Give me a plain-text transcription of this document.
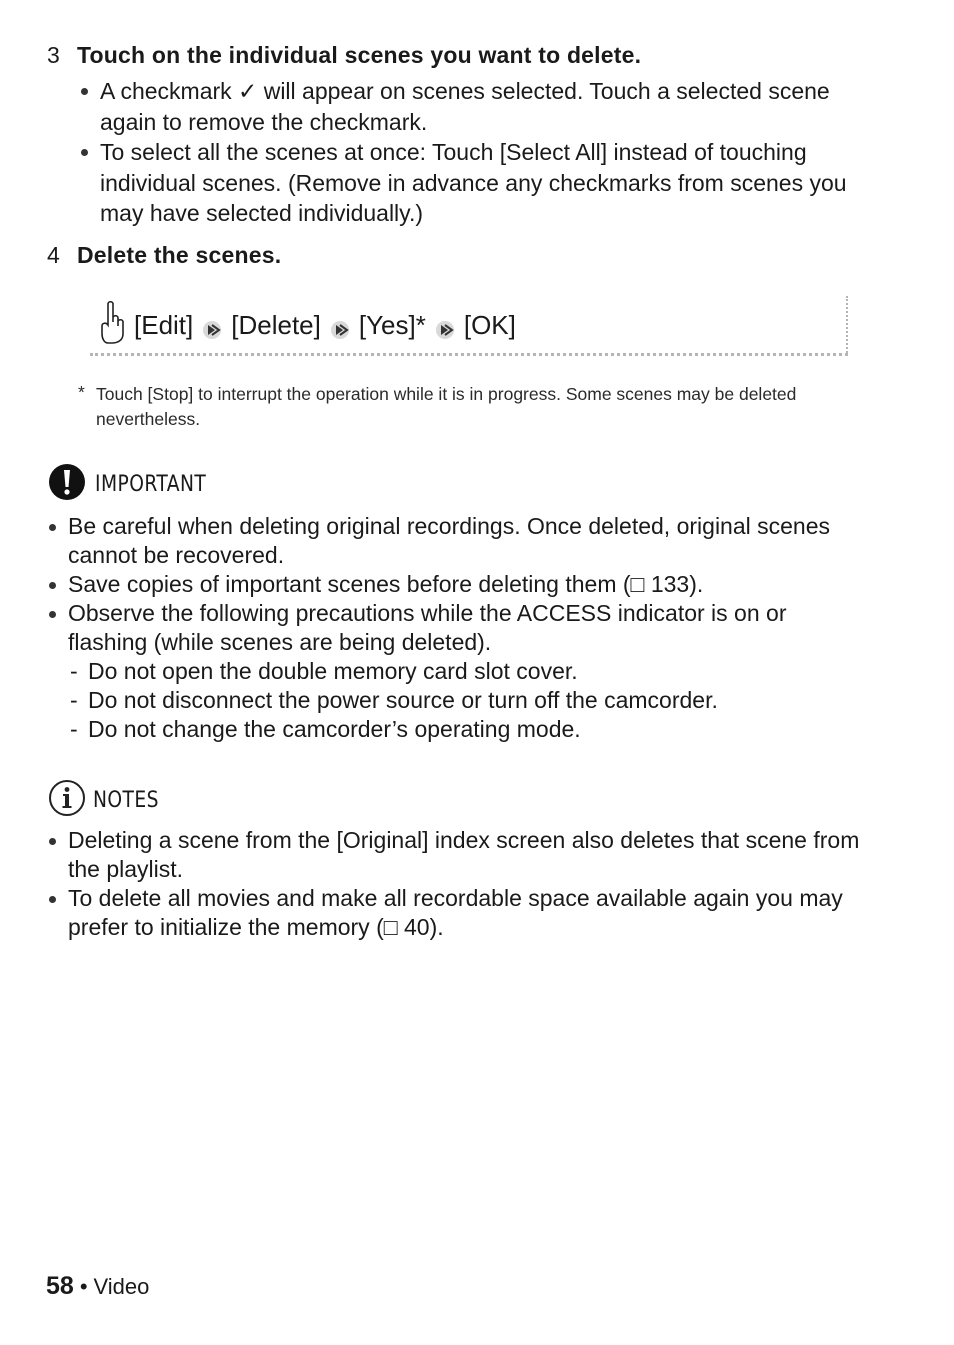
3 Touch on the individual scenes you want to delete.
A checkmark ✓ will appear on scenes selected. Touch a selected scene again to remove the checkmark.
To select all the scenes at once: Touch [Select All] instead of touching individual scenes. (Remove in advance any checkmarks from scenes you may have selected individually.)
4 Delete the scenes.
[Edit] [Delete] [Yes]* [OK]
* Touch [Stop] to interrupt the operation while it is in progress. Some scenes may be deleted nevertheless.
IMPORTANT
Be careful when deleting original recordings. Once deleted, original scenes cannot be recovered.
Save copies of important scenes before deleting them (□ 133).
Observe the following precautions while the ACCESS indicator is on or flashing (while scenes are being deleted).
- Do not open the double memory card slot cover.
- Do not disconnect the power source or turn off the camcorder.
- Do not change the camcorder’s operating mode.
NOTES
Deleting a scene from the [Original] index screen also deletes that scene from the playlist.
To delete all movies and make all recordable space available again you may prefer to initialize the memory (□ 40).
58 • Video
